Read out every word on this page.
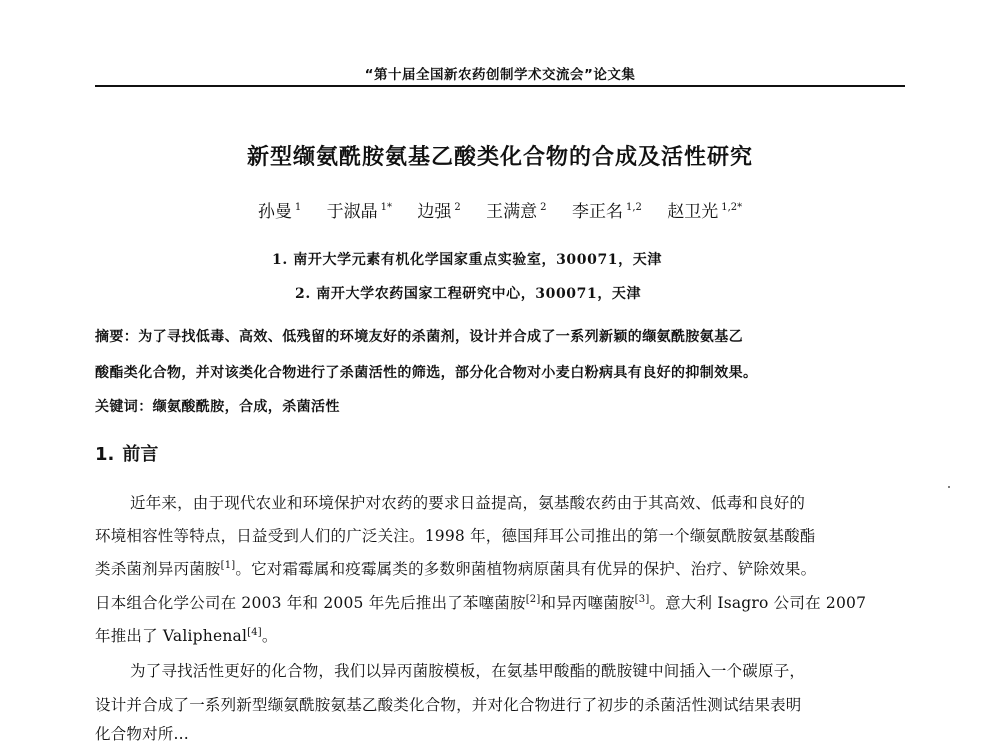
“第十届全国新农药创制学术交流会”论文集
新型缬氨酰胺氨基乙酸类化合物的合成及活性研究
孙曼 $^1$ 于淑晶 $^{1*}$ 边强 $^2$ 王满意 $^2$ 李正名 $^{1,2}$ 赵卫光 $^{1,2*}$
1. 南开大学元素有机化学国家重点实验室，300071，天津
2. 南开大学农药国家工程研究中心，300071，天津
摘要：为了寻找低毒、高效、低残留的环境友好的杀菌剂，设计并合成了一系列新颖的缬氨酰胺氨基乙
酸酯类化合物，并对该类化合物进行了杀菌活性的筛选，部分化合物对小麦白粉病具有良好的抑制效果。
关键词：缬氨酸酰胺，合成，杀菌活性
1. 前言
近年来，由于现代农业和环境保护对农药的要求日益提高，氨基酸农药由于其高效、低毒和良好的
环境相容性等特点，日益受到人们的广泛关注。1998 年，德国拜耳公司推出的第一个缬氨酰胺氨基酸酯
类杀菌剂异丙菌胺[1]。它对霜霉属和疫霉属类的多数卵菌植物病原菌具有优异的保护、治疗、铲除效果。
日本组合化学公司在 2003 年和 2005 年先后推出了苯噻菌胺[2]和异丙噻菌胺[3]。意大利 Isagro 公司在 2007
年推出了 Valiphenal[4]。
为了寻找活性更好的化合物，我们以异丙菌胺模板，在氨基甲酸酯的酰胺键中间插入一个碳原子，
设计并合成了一系列新型缬氨酰胺氨基乙酸类化合物，并对化合物进行了初步的杀菌活性测试结果表明
化合物对所...
